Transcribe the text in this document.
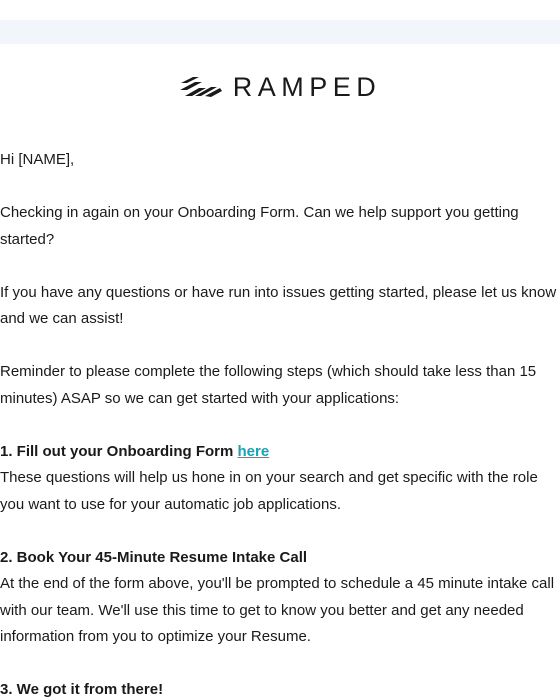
RAMPED

Hi [NAME],

Checking in again on your Onboarding Form. Can we help support you getting started?

If you have any questions or have run into issues getting started, please let us know and we can assist!

Reminder to please complete the following steps (which should take less than 15 minutes) ASAP so we can get started with your applications:

1. Fill out your Onboarding Form here

These questions will help us hone in on your search and get specific with the role you want to use for your automatic job applications.

2. Book Your 45-Minute Resume Intake Call

At the end of the form above, you'll be prompted to schedule a 45 minute intake call with our team. We'll use this time to get to know you better and get any needed information from you to optimize your Resume.

3. We got it from there!
